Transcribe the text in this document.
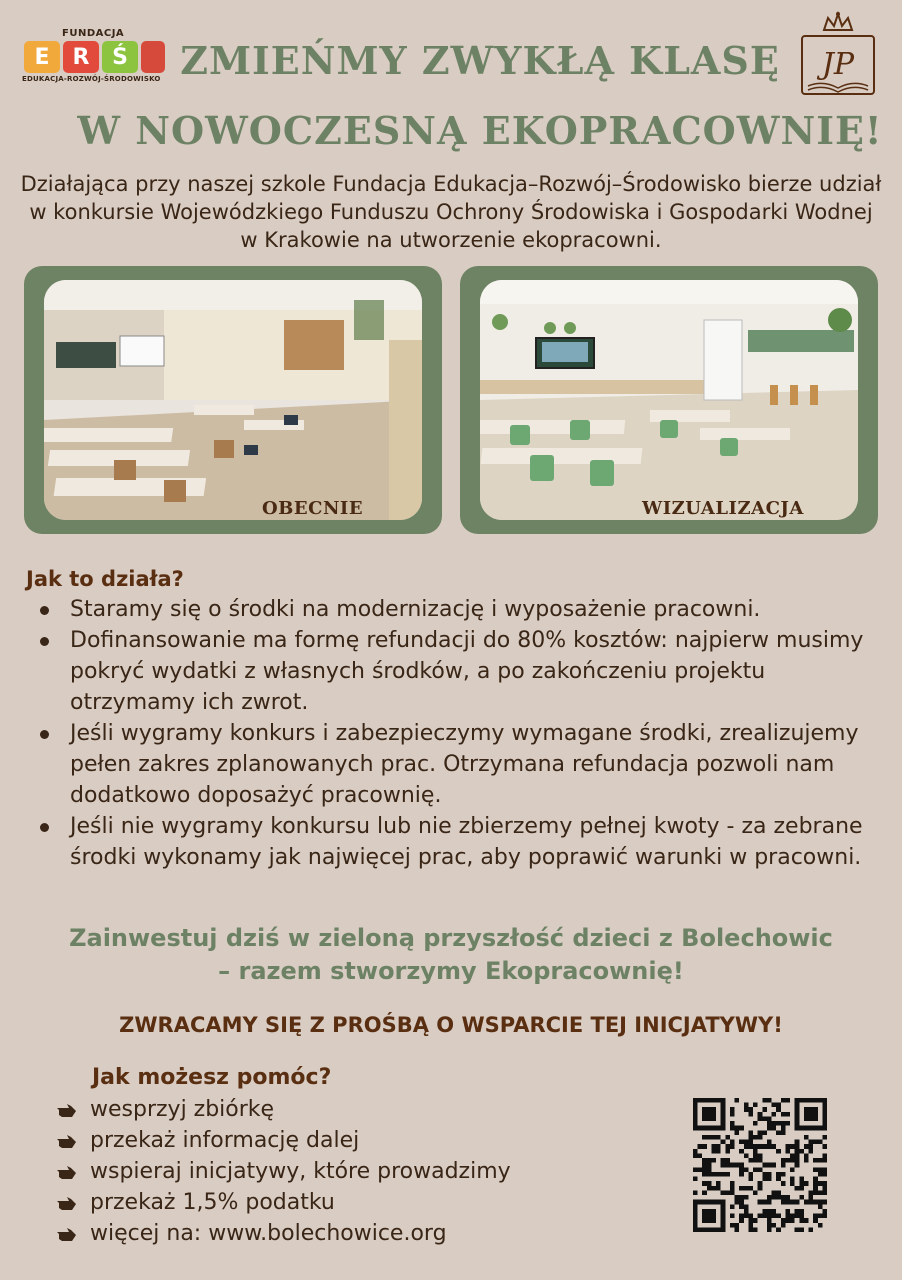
FUNDACJA
E	R	Ś
EDUKACJA-ROZWÓJ-ŚRODOWISKO	JP
ZMIEŃMY ZWYKŁĄ KLASĘ
W NOWOCZESNĄ EKOPRACOWNIĘ!
Działająca przy naszej szkole Fundacja Edukacja–Rozwój–Środowisko bierze udział w konkursie Wojewódzkiego Funduszu Ochrony Środowiska i Gospodarki Wodnej w Krakowie na utworzenie ekopracowni.
OBECNIE	WIZUALIZACJA
Jak to działa?
Staramy się o środki na modernizację i wyposażenie pracowni.
Dofinansowanie ma formę refundacji do 80% kosztów: najpierw musimy pokryć wydatki z własnych środków, a po zakończeniu projektu otrzymamy ich zwrot.
Jeśli wygramy konkurs i zabezpieczymy wymagane środki, zrealizujemy pełen zakres zplanowanych prac. Otrzymana refundacja pozwoli nam dodatkowo doposażyć pracownię.
Jeśli nie wygramy konkursu lub nie zbierzemy pełnej kwoty - za zebrane środki wykonamy jak najwięcej prac, aby poprawić warunki w pracowni.
Zainwestuj dziś w zieloną przyszłość dzieci z Bolechowic
– razem stworzymy Ekopracownię!
ZWRACAMY SIĘ Z PROŚBĄ O WSPARCIE TEJ INICJATYWY!
Jak możesz pomóc?
wesprzyj zbiórkę
przekaż informację dalej
wspieraj inicjatywy, które prowadzimy
przekaż 1,5% podatku
więcej na: www.bolechowice.org
